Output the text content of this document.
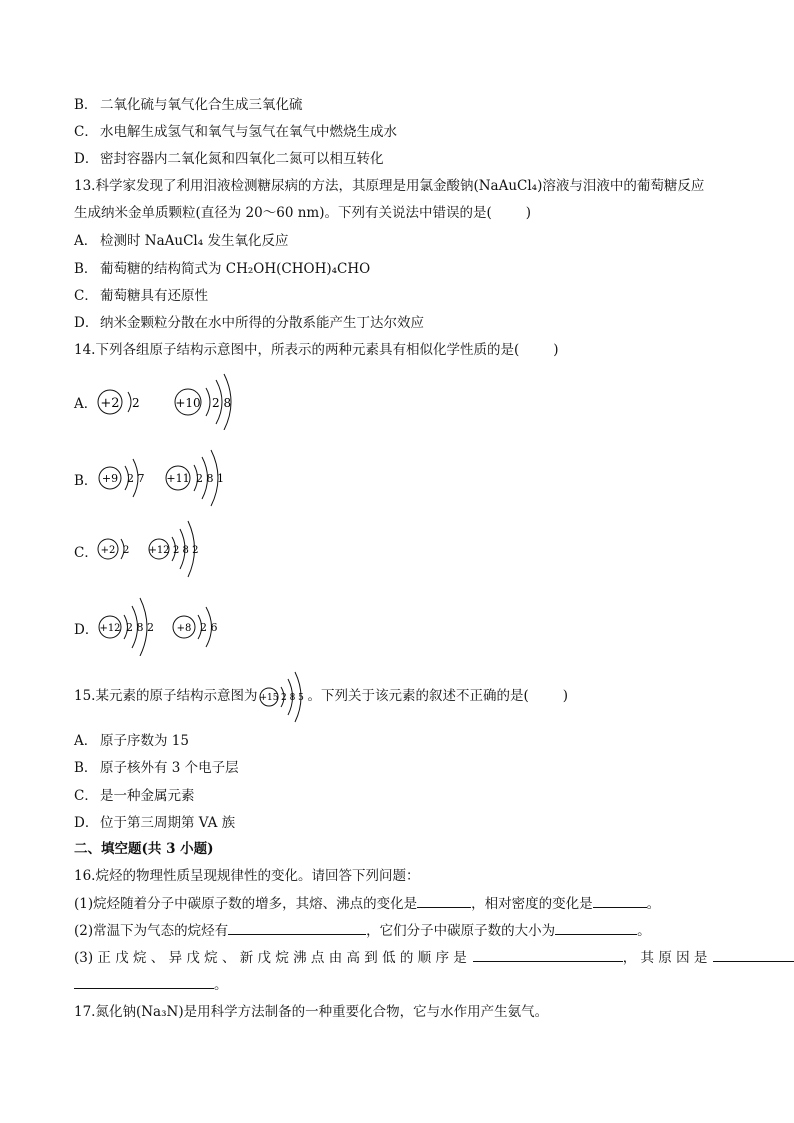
B． 二氧化硫与氧气化合生成三氧化硫
C． 水电解生成氢气和氧气与氢气在氧气中燃烧生成水
D． 密封容器内二氧化氮和四氧化二氮可以相互转化
13.科学家发现了利用泪液检测糖尿病的方法，其原理是用氯金酸钠(NaAuCl₄)溶液与泪液中的葡萄糖反应
生成纳米金单质颗粒(直径为 20～60 nm)。下列有关说法中错误的是(	)
A． 检测时 NaAuCl₄ 发生氧化反应
B． 葡萄糖的结构简式为 CH₂OH(CHOH)₄CHO
C． 葡萄糖具有还原性
D． 纳米金颗粒分散在水中所得的分散系能产生丁达尔效应
14.下列各组原子结构示意图中，所表示的两种元素具有相似化学性质的是(	)
A． +2 2	+10 2 8
B． +9 2 7 +11 2 8 1
C． +2 2 +12 2 8 2
D． +12 2 8 2 +8 2 6
15.某元素的原子结构示意图为 +15 2 8 5 。下列关于该元素的叙述不正确的是(	)
A． 原子序数为 15
B． 原子核外有 3 个电子层
C． 是一种金属元素
D． 位于第三周期第 VA 族
二、填空题(共 3 小题)
16.烷烃的物理性质呈现规律性的变化。请回答下列问题：
(1)烷烃随着分子中碳原子数的增多，其熔、沸点的变化是	，相对密度的变化是	。
(2)常温下为气态的烷烃有	，它们分子中碳原子数的大小为	。
(3) 正 戊 烷 、 异 戊 烷 、 新 戊 烷 沸 点 由 高 到 低 的 顺 序 是	， 其 原 因 是
。
17.氮化钠(Na₃N)是用科学方法制备的一种重要化合物，它与水作用产生氨气。
